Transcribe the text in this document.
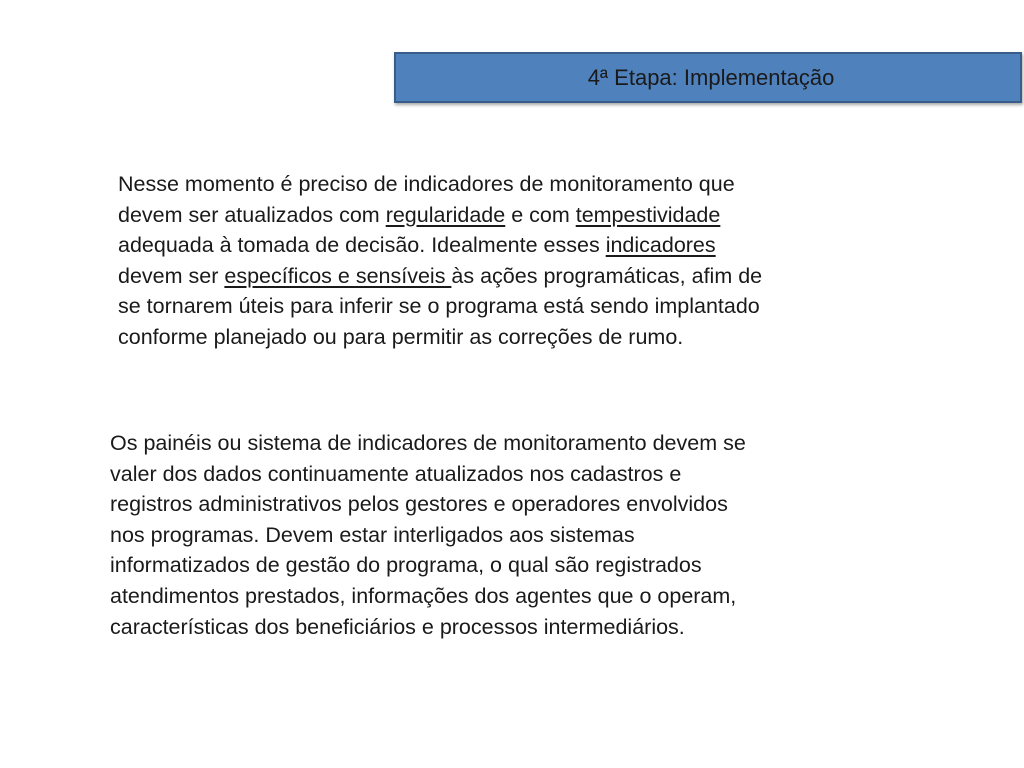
4ª Etapa: Implementação

Nesse momento é preciso de indicadores de monitoramento que
devem ser atualizados com regularidade e com tempestividade
adequada à tomada de decisão. Idealmente esses indicadores
devem ser específicos e sensíveis às ações programáticas, afim de
se tornarem úteis para inferir se o programa está sendo implantado
conforme planejado ou para permitir as correções de rumo.

Os painéis ou sistema de indicadores de monitoramento devem se
valer dos dados continuamente atualizados nos cadastros e
registros administrativos pelos gestores e operadores envolvidos
nos programas. Devem estar interligados aos sistemas
informatizados de gestão do programa, o qual são registrados
atendimentos prestados, informações dos agentes que o operam,
características dos beneficiários e processos intermediários.
